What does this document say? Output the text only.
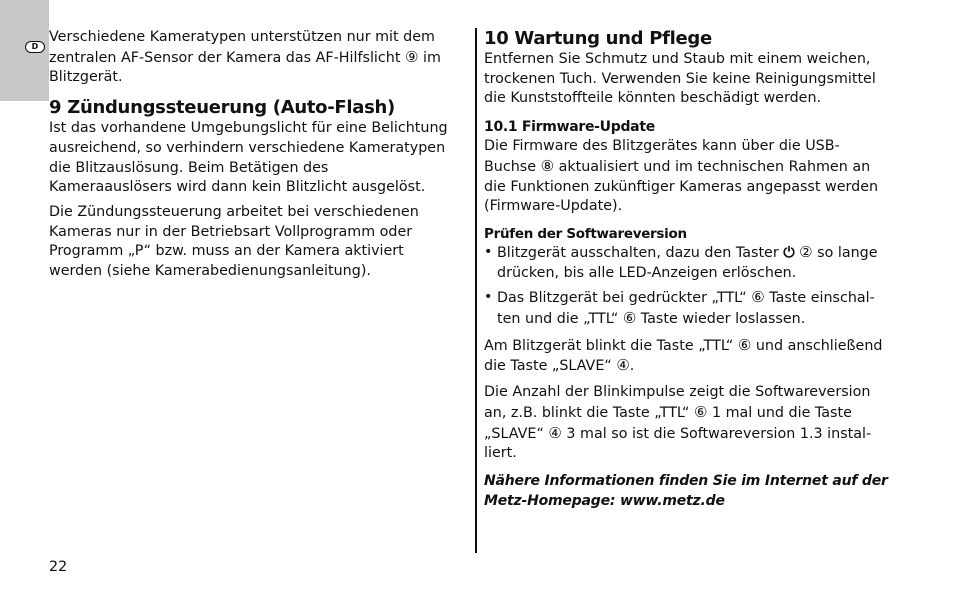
D

Verschiedene Kameratypen unterstützen nur mit dem
zentralen AF-Sensor der Kamera das AF-Hilfslicht ⑨ im
Blitzgerät.

9 Zündungssteuerung (Auto-Flash)

Ist das vorhandene Umgebungslicht für eine Belichtung
ausreichend, so verhindern verschiedene Kameratypen
die Blitzauslösung. Beim Betätigen des
Kameraauslösers wird dann kein Blitzlicht ausgelöst.

Die Zündungssteuerung arbeitet bei verschiedenen
Kameras nur in der Betriebsart Vollprogramm oder
Programm „P“ bzw. muss an der Kamera aktiviert
werden (siehe Kamerabedienungsanleitung).

10 Wartung und Pflege

Entfernen Sie Schmutz und Staub mit einem weichen,
trockenen Tuch. Verwenden Sie keine Reinigungsmittel
die Kunststoffteile könnten beschädigt werden.

10.1 Firmware-Update

Die Firmware des Blitzgerätes kann über die USB-
Buchse ⑧ aktualisiert und im technischen Rahmen an
die Funktionen zukünftiger Kameras angepasst werden
(Firmware-Update).

Prüfen der Softwareversion
• Blitzgerät ausschalten, dazu den Taster ⏻ ② so lange
drücken, bis alle LED-Anzeigen erlöschen.
• Das Blitzgerät bei gedrückter „TTL“ ⑥ Taste einschal-
ten und die „TTL“ ⑥ Taste wieder loslassen.

Am Blitzgerät blinkt die Taste „TTL“ ⑥ und anschließend
die Taste „SLAVE“ ④.

Die Anzahl der Blinkimpulse zeigt die Softwareversion
an, z.B. blinkt die Taste „TTL“ ⑥ 1 mal und die Taste
„SLAVE“ ④ 3 mal so ist die Softwareversion 1.3 instal-
liert.

Nähere Informationen finden Sie im Internet auf der
Metz-Homepage: www.metz.de

22
